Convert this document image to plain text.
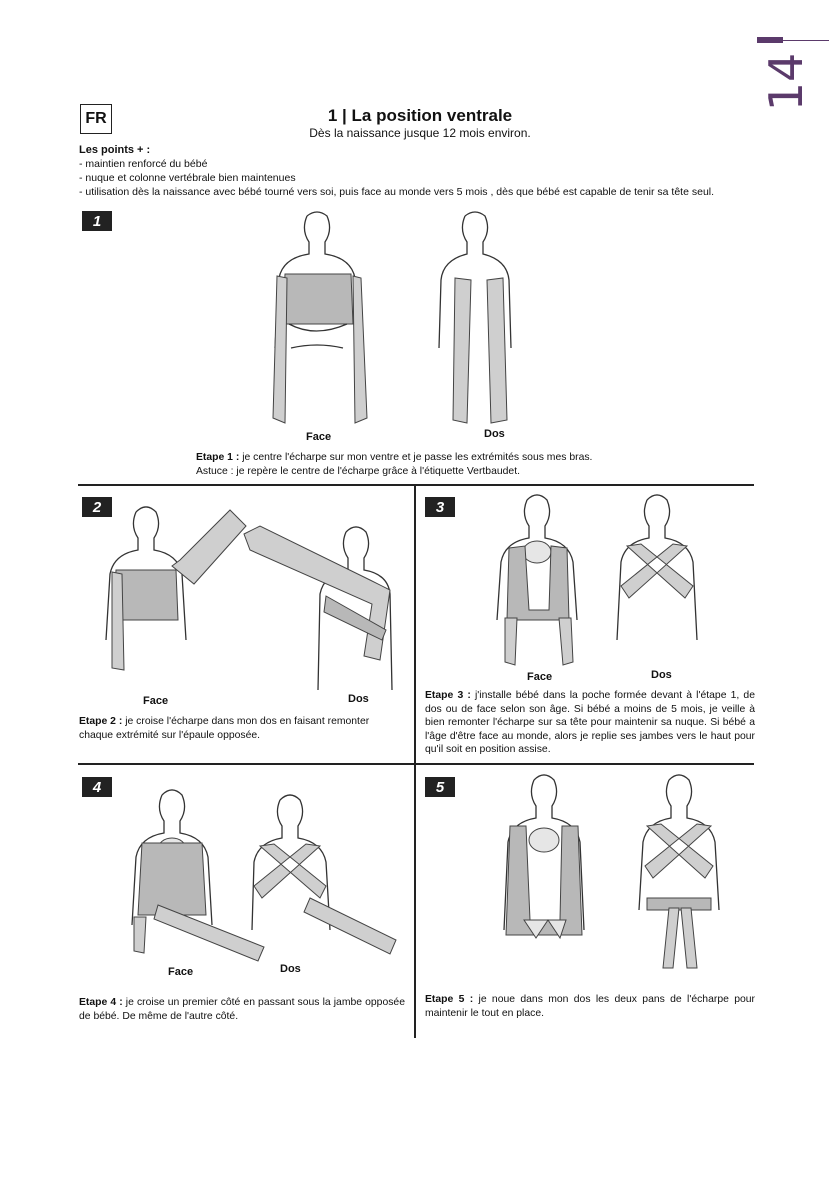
14
FR	1 | La position ventrale
Dès la naissance jusque 12 mois environ.
Les points + :
- maintien renforcé du bébé
- nuque et colonne vertébrale bien maintenues
- utilisation dès la naissance avec bébé tourné vers soi, puis face au monde vers 5 mois , dès que bébé est capable de tenir sa tête seul.
1
Face	Dos
Etape 1 : je centre l'écharpe sur mon ventre et je passe les extrémités sous mes bras.
Astuce : je repère le centre de l'écharpe grâce à l'étiquette Vertbaudet.
2
Face	Dos
Etape 2 : je croise l'écharpe dans mon dos en faisant remonter chaque extrémité sur l'épaule opposée.
3
Face	Dos
Etape 3 : j'installe bébé dans la poche formée devant à l'étape 1, de dos ou de face selon son âge. Si bébé a moins de 5 mois, je veille à bien remonter l'écharpe sur sa tête pour maintenir sa nuque. Si bébé a l'âge d'être face au monde, alors je replie ses jambes vers le haut pour qu'il soit en position assise.
4
Face	Dos
Etape 4 : je croise un premier côté en passant sous la jambe opposée de bébé. De même de l'autre côté.
5
Etape 5 : je noue dans mon dos les deux pans de l'écharpe pour maintenir le tout en place.
